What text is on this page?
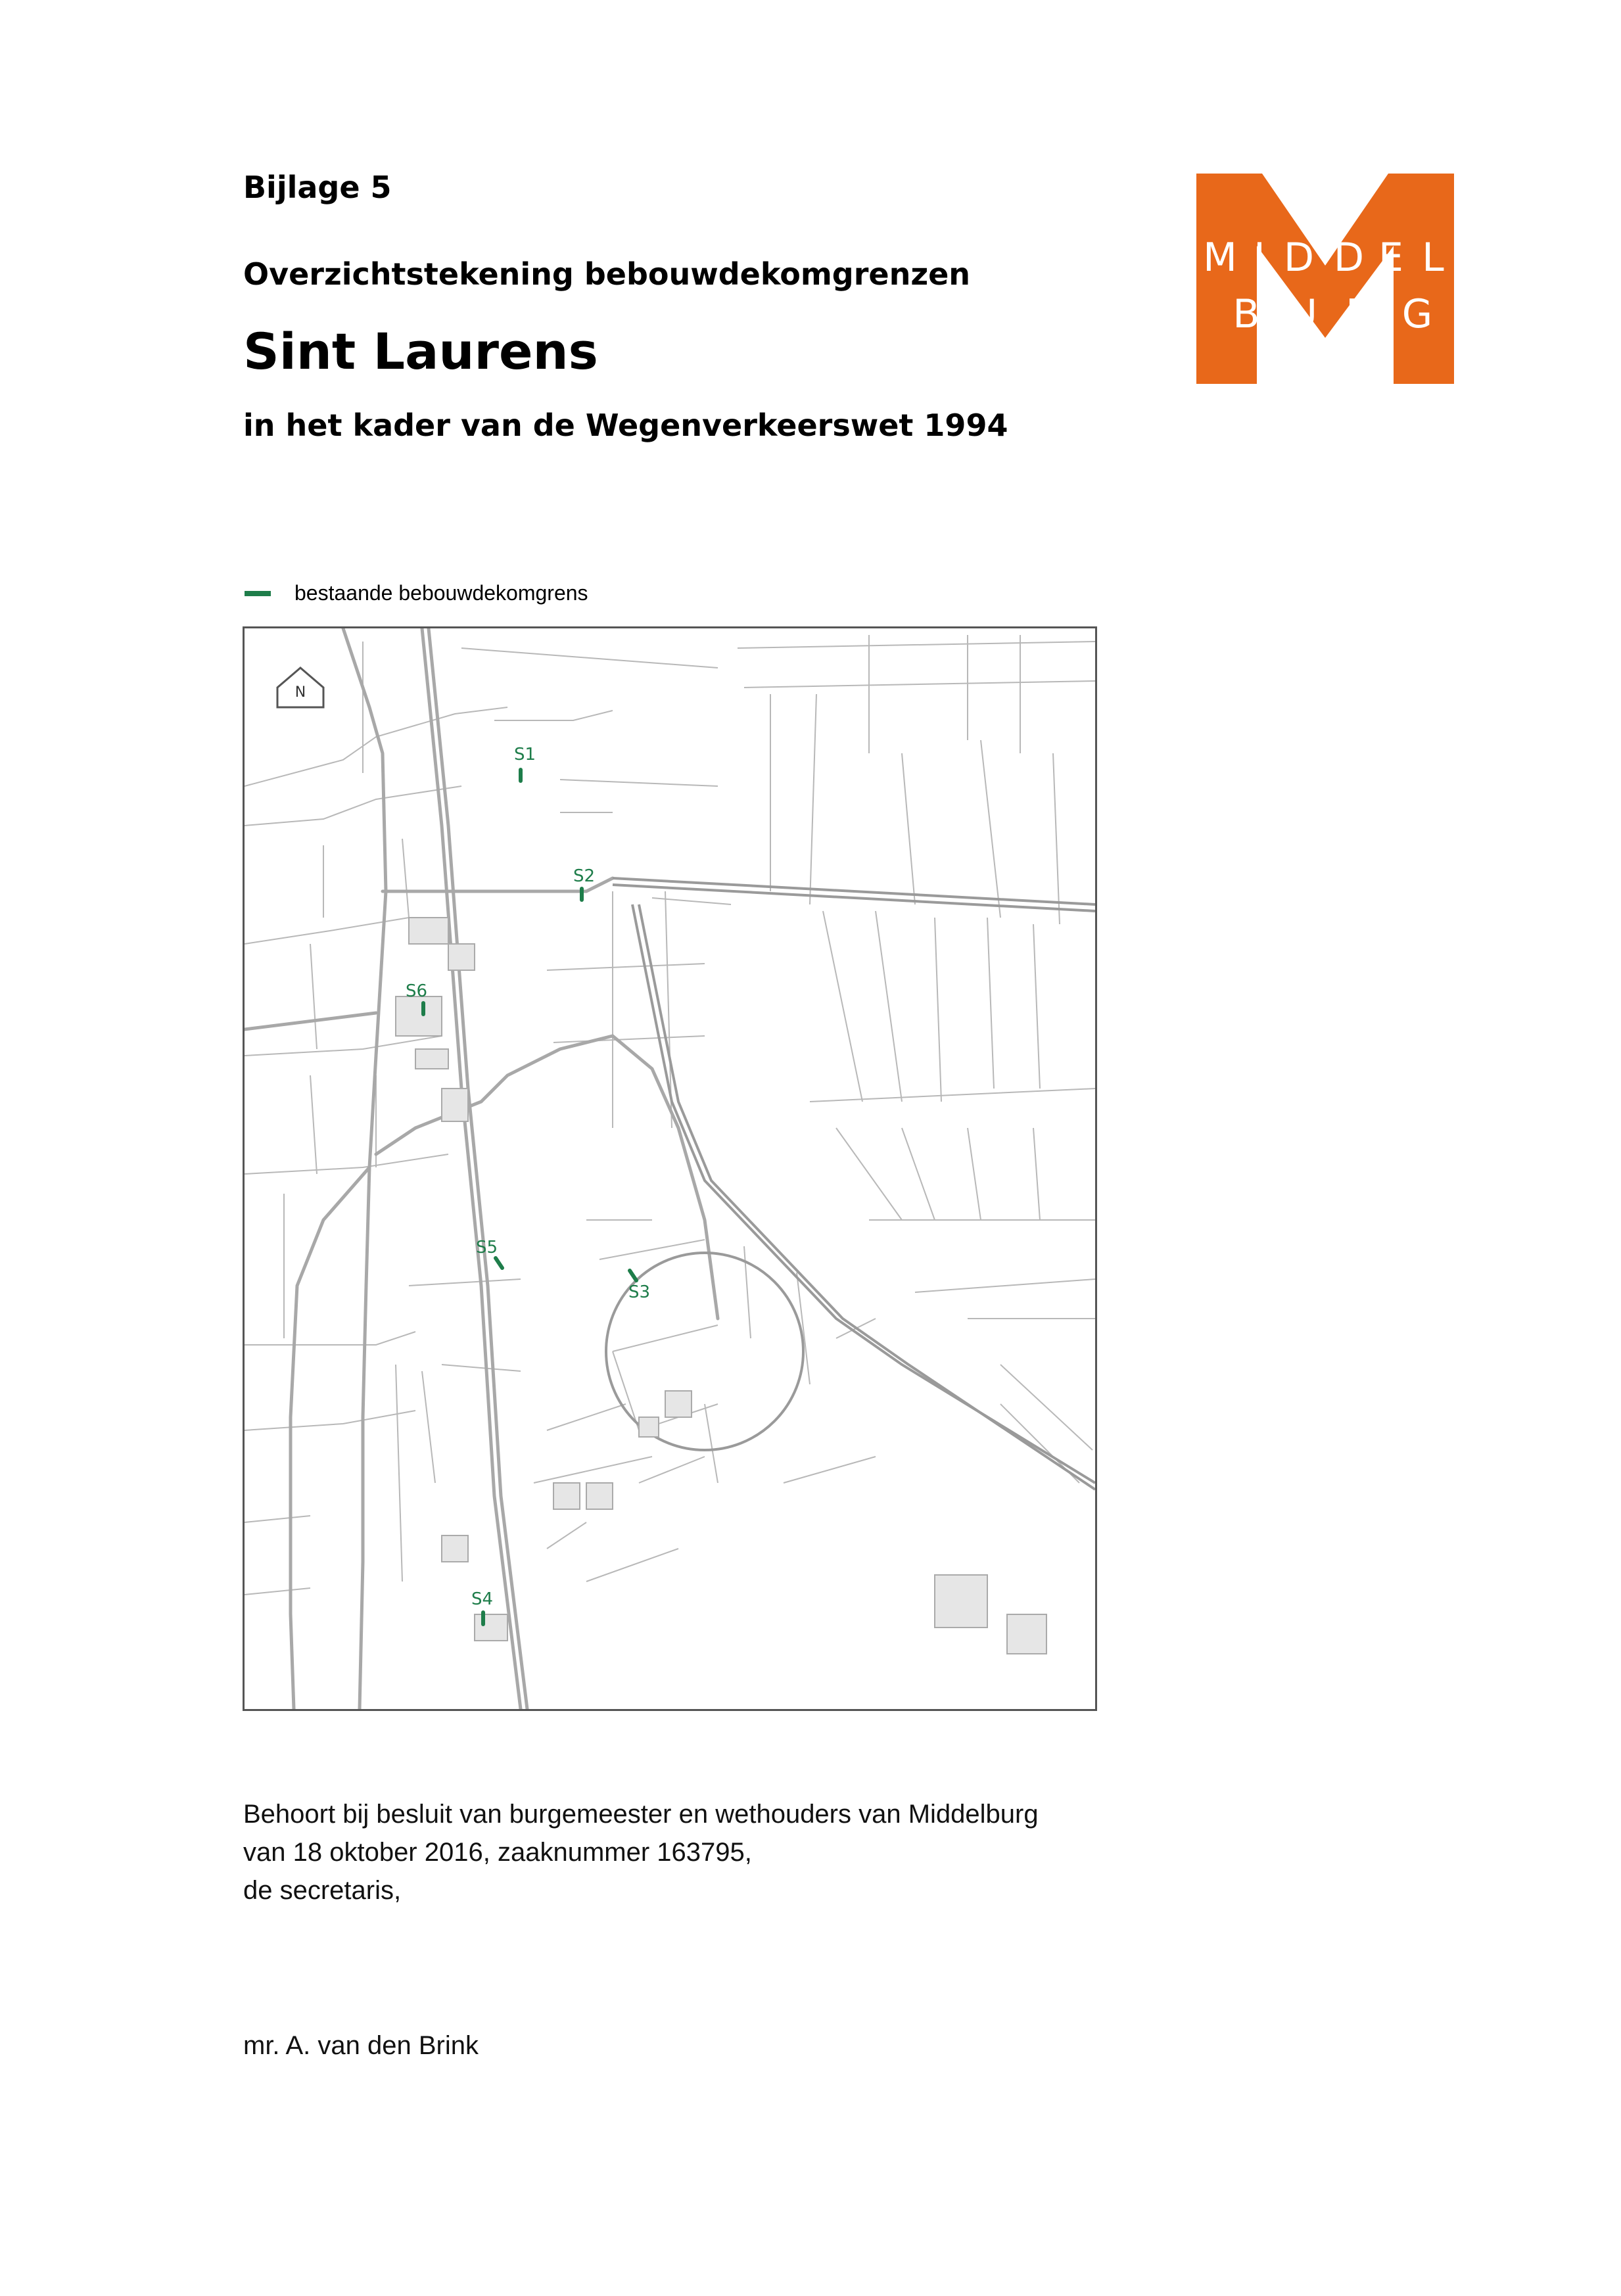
Bijlage 5
Overzichtstekening bebouwdekomgrenzen
Sint Laurens
in het kader van de Wegenverkeerswet 1994
M I D D E L
B U R G
bestaande bebouwdekomgrens
N
S1
S2
S3
S4
S5
S6
Behoort bij besluit van burgemeester en wethouders van Middelburg
van 18 oktober 2016, zaaknummer 163795,
de secretaris,
mr. A. van den Brink
